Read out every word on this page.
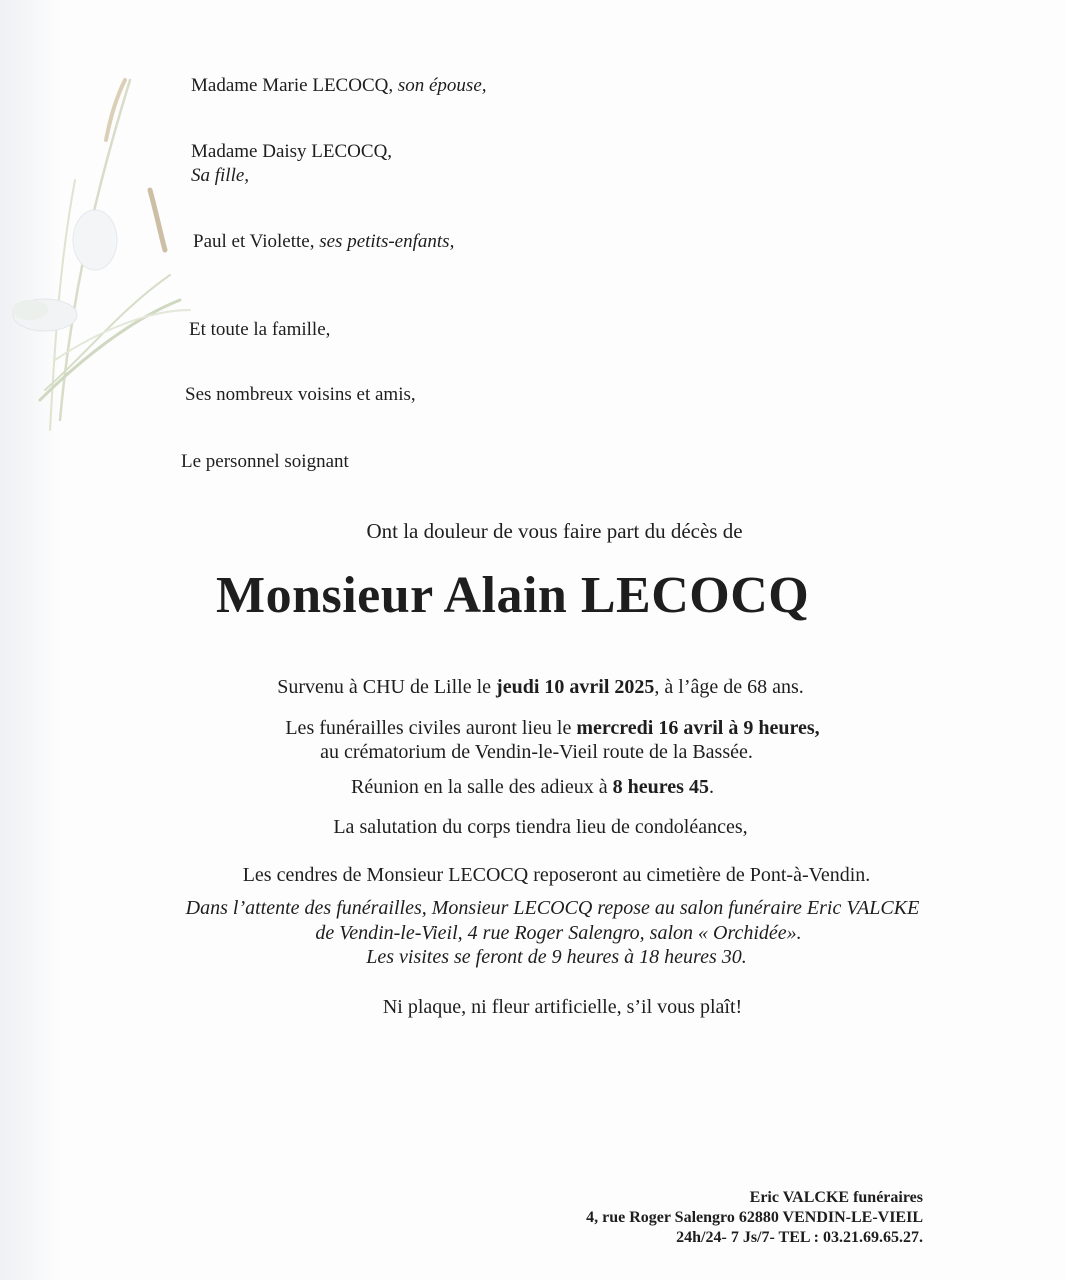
Madame Marie LECOCQ, son épouse,
Madame Daisy LECOCQ,
Sa fille,
Paul et Violette, ses petits-enfants,
Et toute la famille,
Ses nombreux voisins et amis,
Le personnel soignant
Ont la douleur de vous faire part du décès de
Monsieur Alain LECOCQ
Survenu à CHU de Lille le jeudi 10 avril 2025, à l’âge de 68 ans.
Les funérailles civiles auront lieu le mercredi 16 avril à 9 heures,
au crématorium de Vendin-le-Vieil route de la Bassée.
Réunion en la salle des adieux à 8 heures 45.
La salutation du corps tiendra lieu de condoléances,
Les cendres de Monsieur LECOCQ reposeront au cimetière de Pont-à-Vendin.
Dans l’attente des funérailles, Monsieur LECOCQ repose au salon funéraire Eric VALCKE
de Vendin-le-Vieil, 4 rue Roger Salengro, salon « Orchidée».
Les visites se feront de 9 heures à 18 heures 30.
Ni plaque, ni fleur artificielle, s’il vous plaît!
Eric VALCKE funéraires
4, rue Roger Salengro 62880 VENDIN-LE-VIEIL
24h/24- 7 Js/7- TEL : 03.21.69.65.27.
